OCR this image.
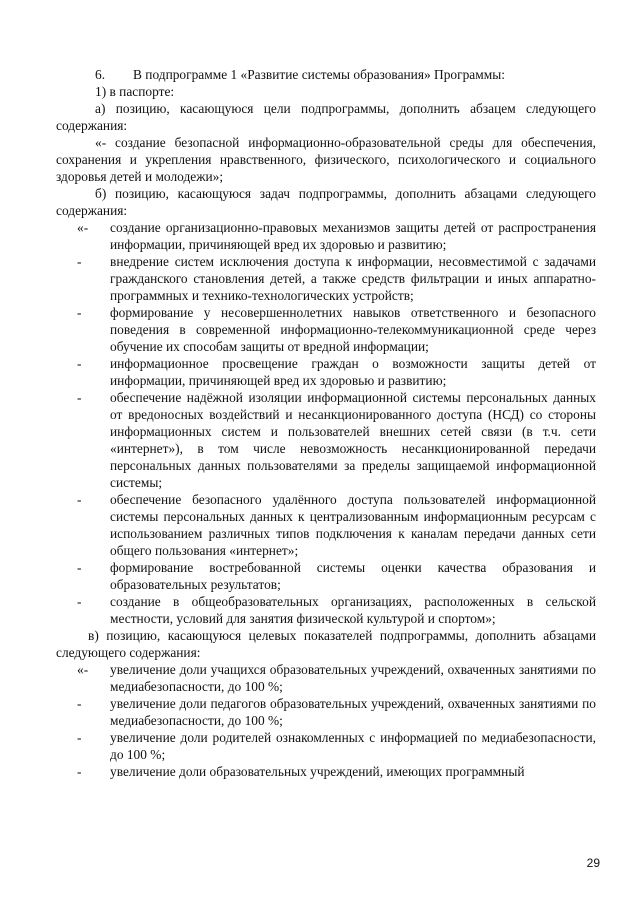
6. В подпрограмме 1 «Развитие системы образования» Программы:

1) в паспорте:

а) позицию, касающуюся цели подпрограммы, дополнить абзацем следующего содержания:

«- создание безопасной информационно-образовательной среды для обеспечения, сохранения и укрепления нравственного, физического, психологического и социального здоровья детей и молодежи»;

б) позицию, касающуюся задач подпрограммы, дополнить абзацами следующего содержания:

«-	создание организационно-правовых механизмов защиты детей от распространения информации, причиняющей вред их здоровью и развитию;

-	внедрение систем исключения доступа к информации, несовместимой с задачами гражданского становления детей, а также средств фильтрации и иных аппаратно-программных и технико-технологических устройств;

-	формирование у несовершеннолетних навыков ответственного и безопасного поведения в современной информационно-телекоммуникационной среде через обучение их способам защиты от вредной информации;

-	информационное просвещение граждан о возможности защиты детей от информации, причиняющей вред их здоровью и развитию;

-	обеспечение надёжной изоляции информационной системы персональных данных от вредоносных воздействий и несанкционированного доступа (НСД) со стороны информационных систем и пользователей внешних сетей связи (в т.ч. сети «интернет»), в том числе невозможность несанкционированной передачи персональных данных пользователями за пределы защищаемой информационной системы;

-	обеспечение безопасного удалённого доступа пользователей информационной системы персональных данных к централизованным информационным ресурсам с использованием различных типов подключения к каналам передачи данных сети общего пользования «интернет»;

-	формирование востребованной системы оценки качества образования и образовательных результатов;

-	создание в общеобразовательных организациях, расположенных в сельской местности, условий для занятия физической культурой и спортом»;

в) позицию, касающуюся целевых показателей подпрограммы, дополнить абзацами следующего содержания:

«-	увеличение доли учащихся образовательных учреждений, охваченных занятиями по медиабезопасности, до 100 %;

-	увеличение доли педагогов образовательных учреждений, охваченных занятиями по медиабезопасности, до 100 %;

-	увеличение доли родителей ознакомленных с информацией по медиабезопасности, до 100 %;

-	увеличение доли образовательных учреждений, имеющих программный

29
